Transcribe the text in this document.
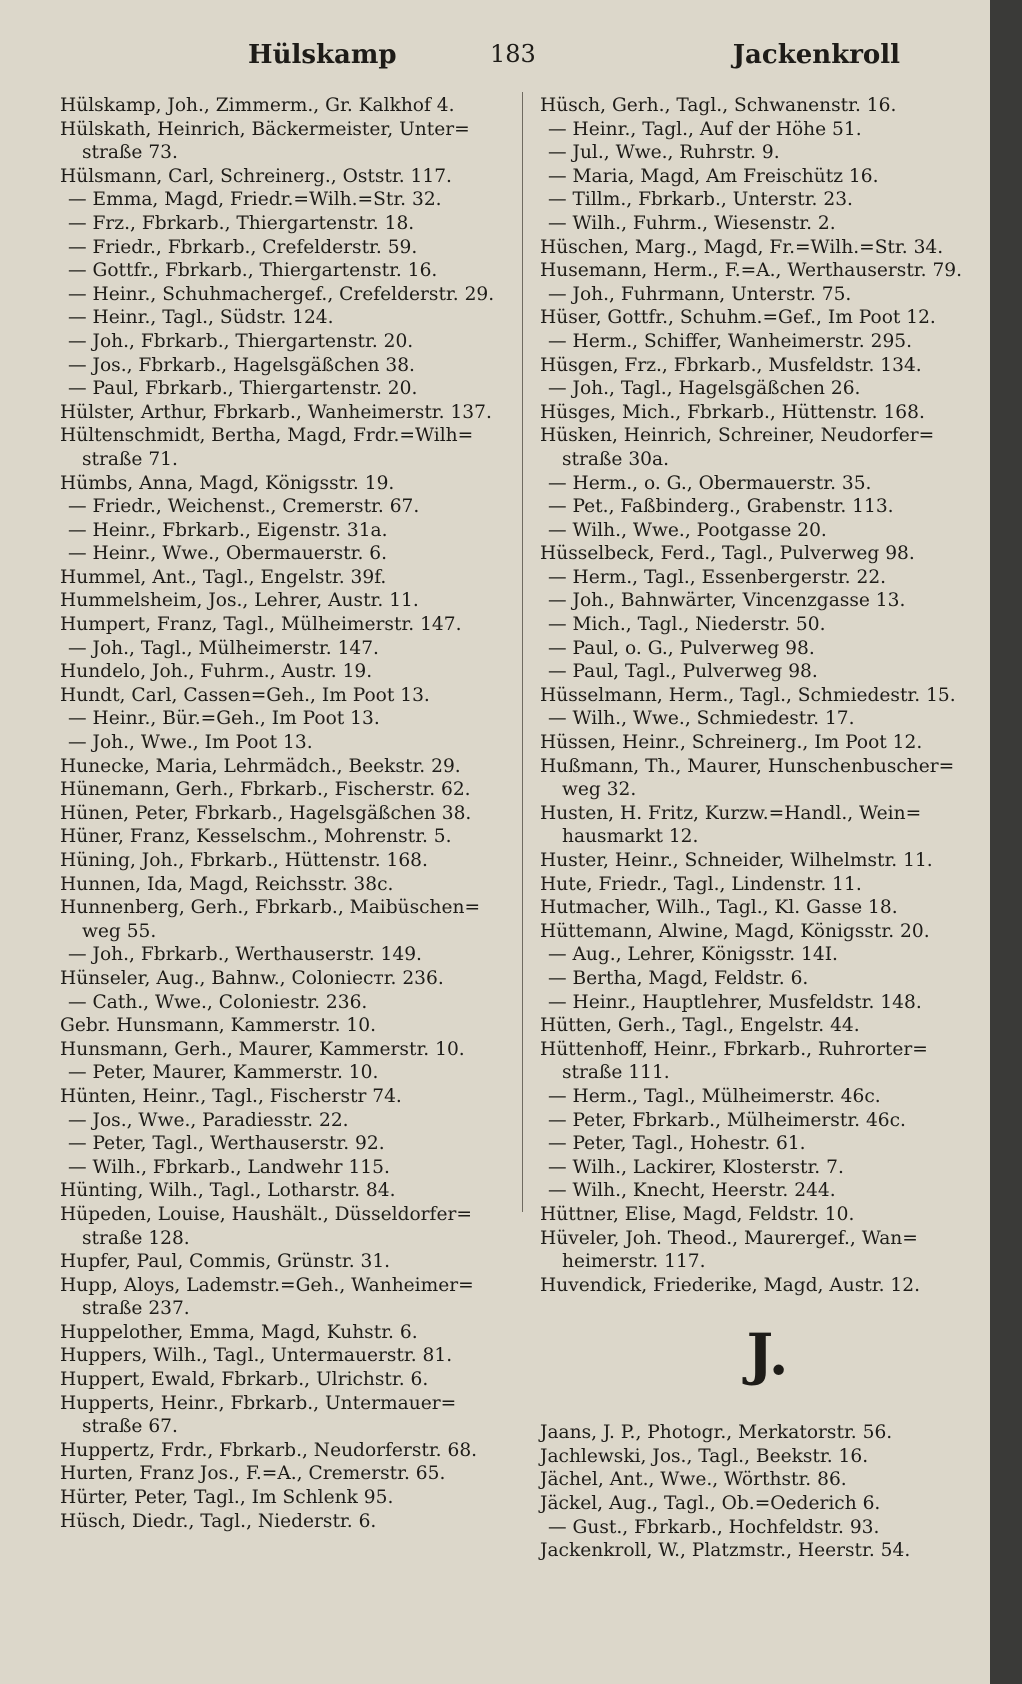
Hülskamp	183	Jackenkroll
Hülskamp, Joh., Zimmerm., Gr. Kalkhof 4.
Hülskath, Heinrich, Bäckermeister, Unter=
straße 73.
Hülsmann, Carl, Schreinerg., Oststr. 117.
— Emma, Magd, Friedr.=Wilh.=Str. 32.
— Frz., Fbrkarb., Thiergartenstr. 18.
— Friedr., Fbrkarb., Crefelderstr. 59.
— Gottfr., Fbrkarb., Thiergartenstr. 16.
— Heinr., Schuhmachergef., Crefelderstr. 29.
— Heinr., Tagl., Südstr. 124.
— Joh., Fbrkarb., Thiergartenstr. 20.
— Jos., Fbrkarb., Hagelsgäßchen 38.
— Paul, Fbrkarb., Thiergartenstr. 20.
Hülster, Arthur, Fbrkarb., Wanheimerstr. 137.
Hültenschmidt, Bertha, Magd, Frdr.=Wilh=
straße 71.
Hümbs, Anna, Magd, Königsstr. 19.
— Friedr., Weichenst., Cremerstr. 67.
— Heinr., Fbrkarb., Eigenstr. 31a.
— Heinr., Wwe., Obermauerstr. 6.
Hummel, Ant., Tagl., Engelstr. 39f.
Hummelsheim, Jos., Lehrer, Austr. 11.
Humpert, Franz, Tagl., Mülheimerstr. 147.
— Joh., Tagl., Mülheimerstr. 147.
Hundelo, Joh., Fuhrm., Austr. 19.
Hundt, Carl, Cassen=Geh., Im Poot 13.
— Heinr., Bür.=Geh., Im Poot 13.
— Joh., Wwe., Im Poot 13.
Hunecke, Maria, Lehrmädch., Beekstr. 29.
Hünemann, Gerh., Fbrkarb., Fischerstr. 62.
Hünen, Peter, Fbrkarb., Hagelsgäßchen 38.
Hüner, Franz, Kesselschm., Mohrenstr. 5.
Hüning, Joh., Fbrkarb., Hüttenstr. 168.
Hunnen, Ida, Magd, Reichsstr. 38c.
Hunnenberg, Gerh., Fbrkarb., Maibüschen=
weg 55.
— Joh., Fbrkarb., Werthauserstr. 149.
Hünseler, Aug., Bahnw., Colonieстr. 236.
— Cath., Wwe., Coloniestr. 236.
Gebr. Hunsmann, Kammerstr. 10.
Hunsmann, Gerh., Maurer, Kammerstr. 10.
— Peter, Maurer, Kammerstr. 10.
Hünten, Heinr., Tagl., Fischerstr 74.
— Jos., Wwe., Paradiesstr. 22.
— Peter, Tagl., Werthauserstr. 92.
— Wilh., Fbrkarb., Landwehr 115.
Hünting, Wilh., Tagl., Lotharstr. 84.
Hüpeden, Louise, Haushält., Düsseldorfer=
straße 128.
Hupfer, Paul, Commis, Grünstr. 31.
Hupp, Aloys, Lademstr.=Geh., Wanheimer=
straße 237.
Huppelother, Emma, Magd, Kuhstr. 6.
Huppers, Wilh., Tagl., Untermauerstr. 81.
Huppert, Ewald, Fbrkarb., Ulrichstr. 6.
Hupperts, Heinr., Fbrkarb., Untermauer=
straße 67.
Huppertz, Frdr., Fbrkarb., Neudorferstr. 68.
Hurten, Franz Jos., F.=A., Cremerstr. 65.
Hürter, Peter, Tagl., Im Schlenk 95.
Hüsch, Diedr., Tagl., Niederstr. 6.
Hüsch, Gerh., Tagl., Schwanenstr. 16.
— Heinr., Tagl., Auf der Höhe 51.
— Jul., Wwe., Ruhrstr. 9.
— Maria, Magd, Am Freischütz 16.
— Tillm., Fbrkarb., Unterstr. 23.
— Wilh., Fuhrm., Wiesenstr. 2.
Hüschen, Marg., Magd, Fr.=Wilh.=Str. 34.
Husemann, Herm., F.=A., Werthauserstr. 79.
— Joh., Fuhrmann, Unterstr. 75.
Hüser, Gottfr., Schuhm.=Gef., Im Poot 12.
— Herm., Schiffer, Wanheimerstr. 295.
Hüsgen, Frz., Fbrkarb., Musfeldstr. 134.
— Joh., Tagl., Hagelsgäßchen 26.
Hüsges, Mich., Fbrkarb., Hüttenstr. 168.
Hüsken, Heinrich, Schreiner, Neudorfer=
straße 30a.
— Herm., o. G., Obermauerstr. 35.
— Pet., Faßbinderg., Grabenstr. 113.
— Wilh., Wwe., Pootgasse 20.
Hüsselbeck, Ferd., Tagl., Pulverweg 98.
— Herm., Tagl., Essenbergerstr. 22.
— Joh., Bahnwärter, Vincenzgasse 13.
— Mich., Tagl., Niederstr. 50.
— Paul, o. G., Pulverweg 98.
— Paul, Tagl., Pulverweg 98.
Hüsselmann, Herm., Tagl., Schmiedestr. 15.
— Wilh., Wwe., Schmiedestr. 17.
Hüssen, Heinr., Schreinerg., Im Poot 12.
Hußmann, Th., Maurer, Hunschenbuscher=
weg 32.
Husten, H. Fritz, Kurzw.=Handl., Wein=
hausmarkt 12.
Huster, Heinr., Schneider, Wilhelmstr. 11.
Hute, Friedr., Tagl., Lindenstr. 11.
Hutmacher, Wilh., Tagl., Kl. Gasse 18.
Hüttemann, Alwine, Magd, Königsstr. 20.
— Aug., Lehrer, Königsstr. 14I.
— Bertha, Magd, Feldstr. 6.
— Heinr., Hauptlehrer, Musfeldstr. 148.
Hütten, Gerh., Tagl., Engelstr. 44.
Hüttenhoff, Heinr., Fbrkarb., Ruhrorter=
straße 111.
— Herm., Tagl., Mülheimerstr. 46c.
— Peter, Fbrkarb., Mülheimerstr. 46c.
— Peter, Tagl., Hohestr. 61.
— Wilh., Lackirer, Klosterstr. 7.
— Wilh., Knecht, Heerstr. 244.
Hüttner, Elise, Magd, Feldstr. 10.
Hüveler, Joh. Theod., Maurergef., Wan=
heimerstr. 117.
Huvendick, Friederike, Magd, Austr. 12.
J.
Jaans, J. P., Photogr., Merkatorstr. 56.
Jachlewski, Jos., Tagl., Beekstr. 16.
Jächel, Ant., Wwe., Wörthstr. 86.
Jäckel, Aug., Tagl., Ob.=Oederich 6.
— Gust., Fbrkarb., Hochfeldstr. 93.
Jackenkroll, W., Platzmstr., Heerstr. 54.
